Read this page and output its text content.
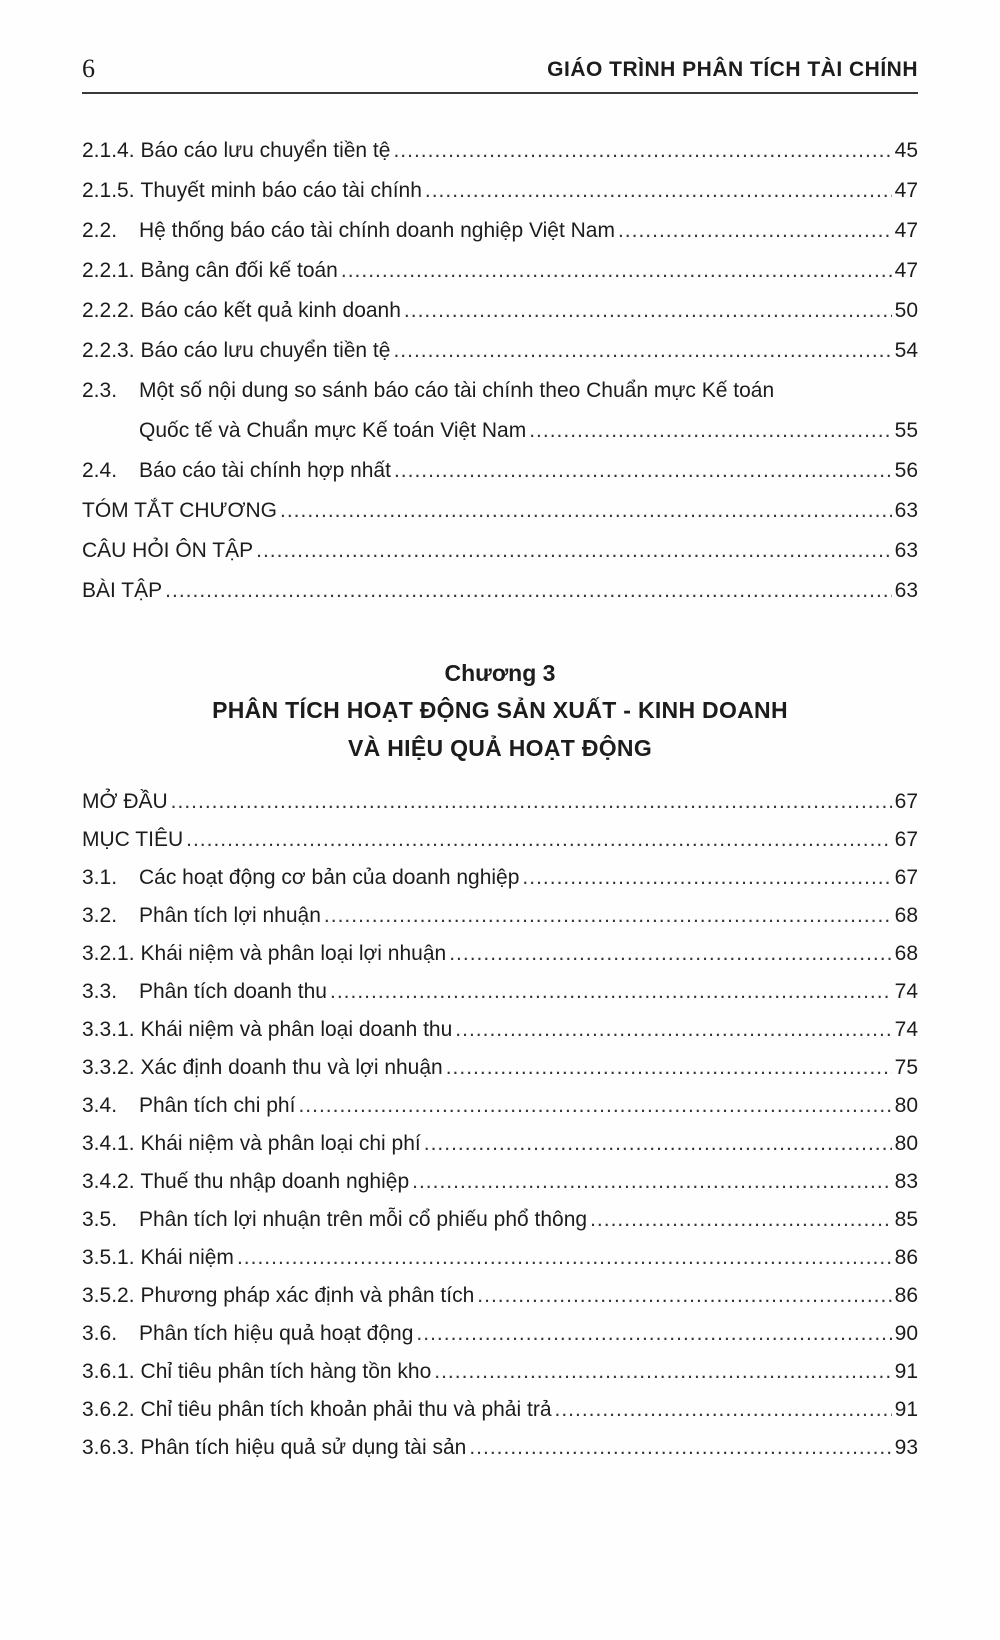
6	GIÁO TRÌNH PHÂN TÍCH TÀI CHÍNH
2.1.4. Báo cáo lưu chuyển tiền tệ .....	45
2.1.5. Thuyết minh báo cáo tài chính .....	47
2.2.	Hệ thống báo cáo tài chính doanh nghiệp Việt Nam .....	47
2.2.1. Bảng cân đối kế toán .....	47
2.2.2. Báo cáo kết quả kinh doanh .....	50
2.2.3. Báo cáo lưu chuyển tiền tệ .....	54
2.3. Một số nội dung so sánh báo cáo tài chính theo Chuẩn mực Kế toán
Quốc tế và Chuẩn mực Kế toán Việt Nam .....	55
2.4.	Báo cáo tài chính hợp nhất .....	56
TÓM TẮT CHƯƠNG .....	63
CÂU HỎI ÔN TẬP .....	63
BÀI TẬP .....	63
Chương 3
PHÂN TÍCH HOẠT ĐỘNG SẢN XUẤT - KINH DOANH
VÀ HIỆU QUẢ HOẠT ĐỘNG
MỞ ĐẦU .....	67
MỤC TIÊU .....	67
3.1.	Các hoạt động cơ bản của doanh nghiệp .....	67
3.2.	Phân tích lợi nhuận .....	68
3.2.1. Khái niệm và phân loại lợi nhuận .....	68
3.3.	Phân tích doanh thu .....	74
3.3.1. Khái niệm và phân loại doanh thu .....	74
3.3.2. Xác định doanh thu và lợi nhuận .....	75
3.4.	Phân tích chi phí .....	80
3.4.1. Khái niệm và phân loại chi phí .....	80
3.4.2. Thuế thu nhập doanh nghiệp .....	83
3.5.	Phân tích lợi nhuận trên mỗi cổ phiếu phổ thông .....	85
3.5.1. Khái niệm .....	86
3.5.2. Phương pháp xác định và phân tích .....	86
3.6.	Phân tích hiệu quả hoạt động .....	90
3.6.1. Chỉ tiêu phân tích hàng tồn kho .....	91
3.6.2. Chỉ tiêu phân tích khoản phải thu và phải trả .....	91
3.6.3. Phân tích hiệu quả sử dụng tài sản .....	93
